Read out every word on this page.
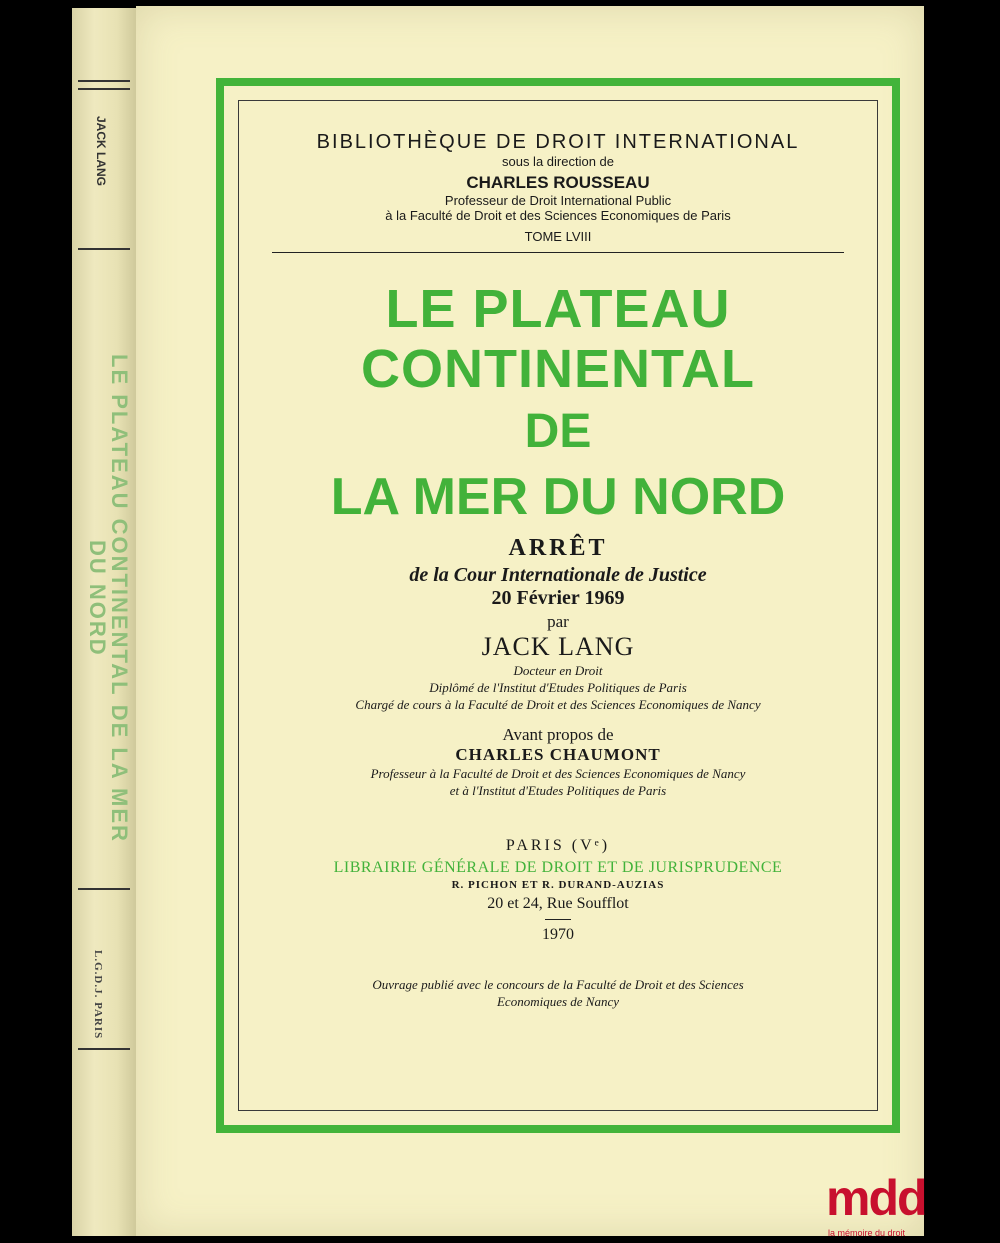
JACK LANG
LE PLATEAU CONTINENTAL DE LA MER DU NORD
L.G.D.J. PARIS
BIBLIOTHÈQUE DE DROIT INTERNATIONAL
sous la direction de
CHARLES ROUSSEAU
Professeur de Droit International Public
à la Faculté de Droit et des Sciences Economiques de Paris
TOME LVIII
LE PLATEAU CONTINENTAL
DE
LA MER DU NORD
ARRÊT
de la Cour Internationale de Justice
20 Février 1969
par
JACK LANG
Docteur en Droit
Diplômé de l'Institut d'Etudes Politiques de Paris
Chargé de cours à la Faculté de Droit et des Sciences Economiques de Nancy
Avant propos de
CHARLES CHAUMONT
Professeur à la Faculté de Droit et des Sciences Economiques de Nancy
et à l'Institut d'Etudes Politiques de Paris
PARIS (Vᵉ)
LIBRAIRIE GÉNÉRALE DE DROIT ET DE JURISPRUDENCE
R. PICHON ET R. DURAND-AUZIAS
20 et 24, Rue Soufflot
1970
Ouvrage publié avec le concours de la Faculté de Droit et des Sciences
Economiques de Nancy
mdd
la mémoire du droit
